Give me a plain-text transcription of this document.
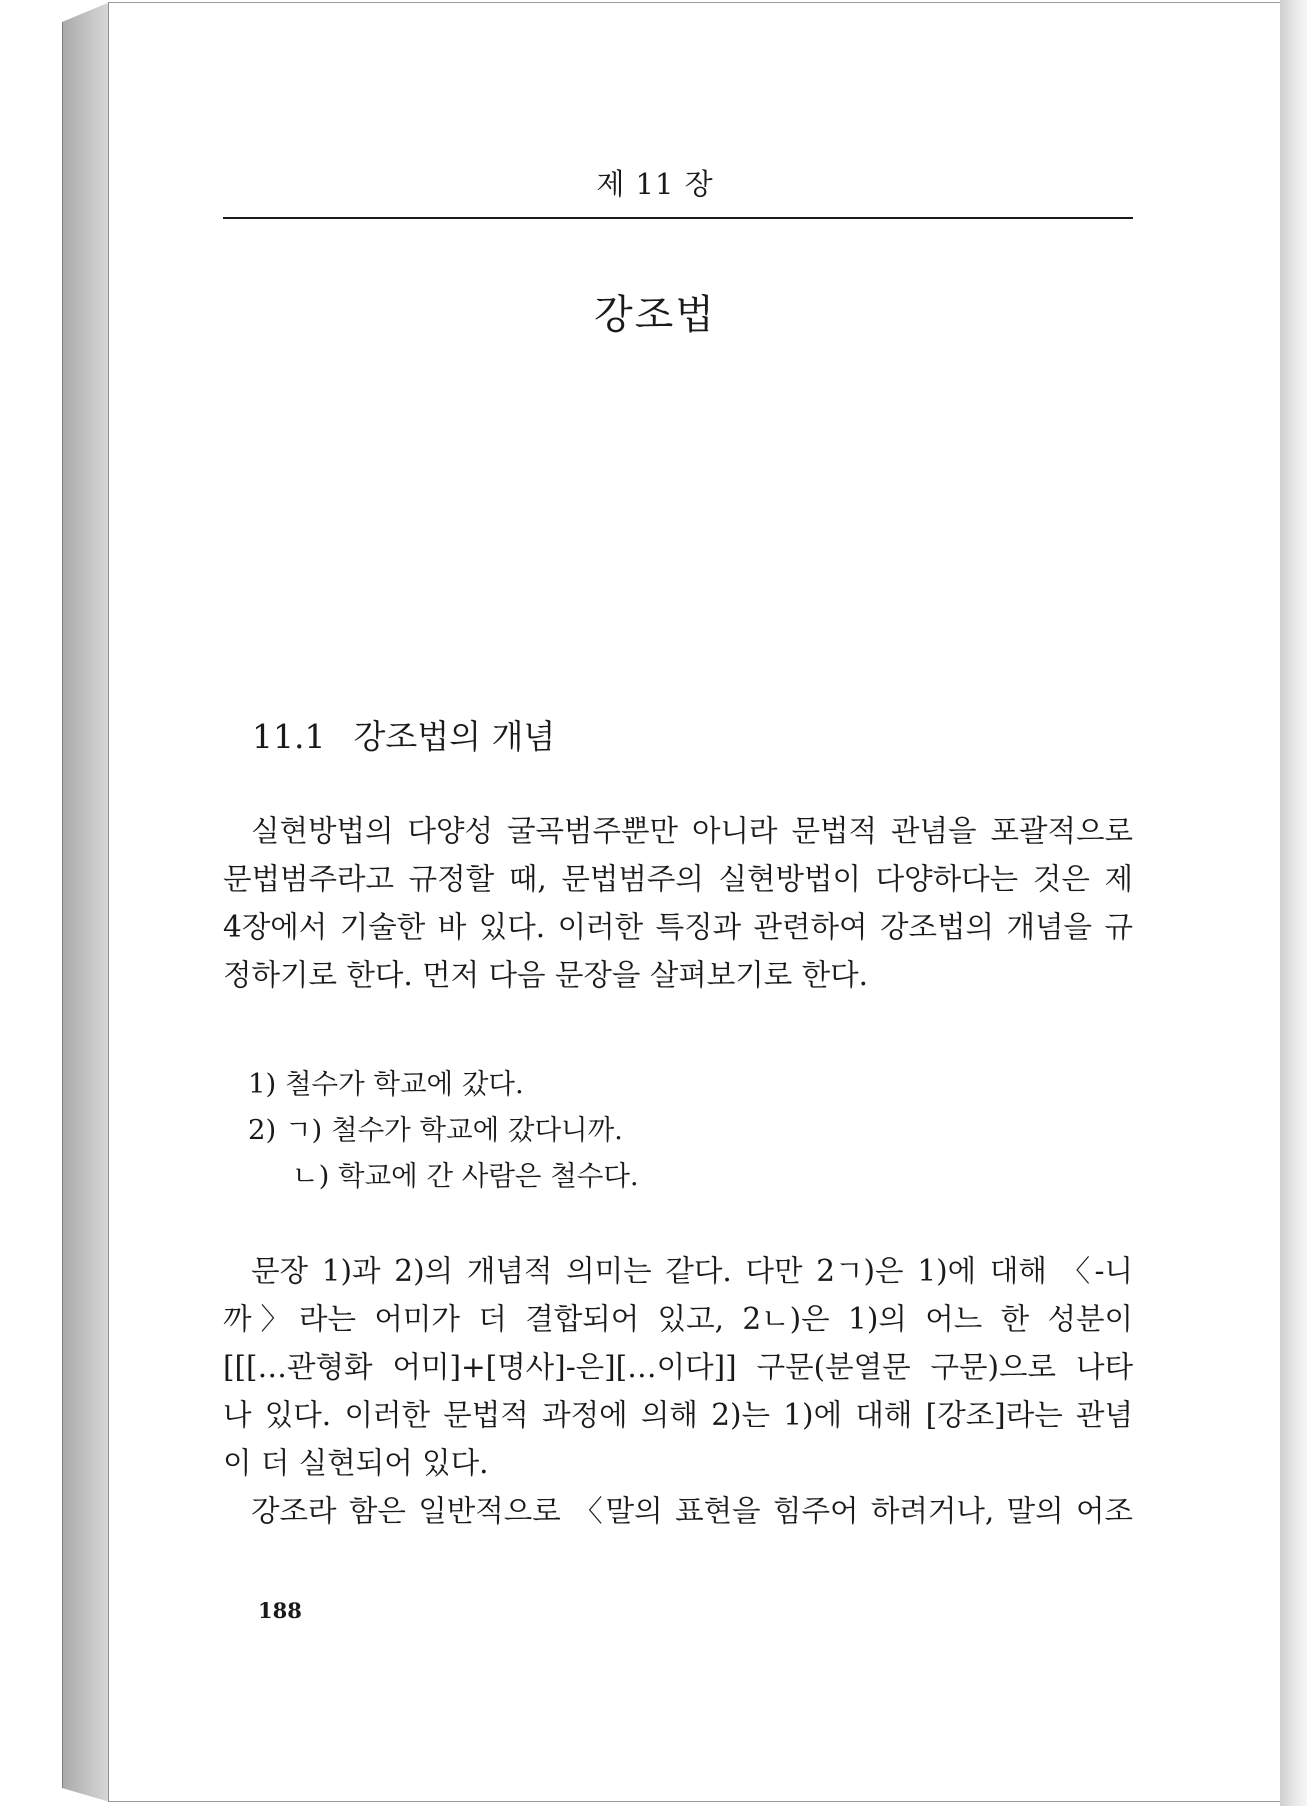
제 11 장
강조법
11.1 강조법의 개념
실현방법의 다양성 굴곡범주뿐만 아니라 문법적 관념을 포괄적으로
문법범주라고 규정할 때, 문법범주의 실현방법이 다양하다는 것은 제
4장에서 기술한 바 있다. 이러한 특징과 관련하여 강조법의 개념을 규
정하기로 한다. 먼저 다음 문장을 살펴보기로 한다.
1) 철수가 학교에 갔다.
2) ㄱ) 철수가 학교에 갔다니까.
ㄴ) 학교에 간 사람은 철수다.
문장 1)과 2)의 개념적 의미는 같다. 다만 2ㄱ)은 1)에 대해 〈-니
까〉라는 어미가 더 결합되어 있고, 2ㄴ)은 1)의 어느 한 성분이
[[[…관형화 어미]+[명사]-은][…이다]] 구문(분열문 구문)으로 나타
나 있다. 이러한 문법적 과정에 의해 2)는 1)에 대해 [강조]라는 관념
이 더 실현되어 있다.
강조라 함은 일반적으로 〈말의 표현을 힘주어 하려거나, 말의 어조
188
